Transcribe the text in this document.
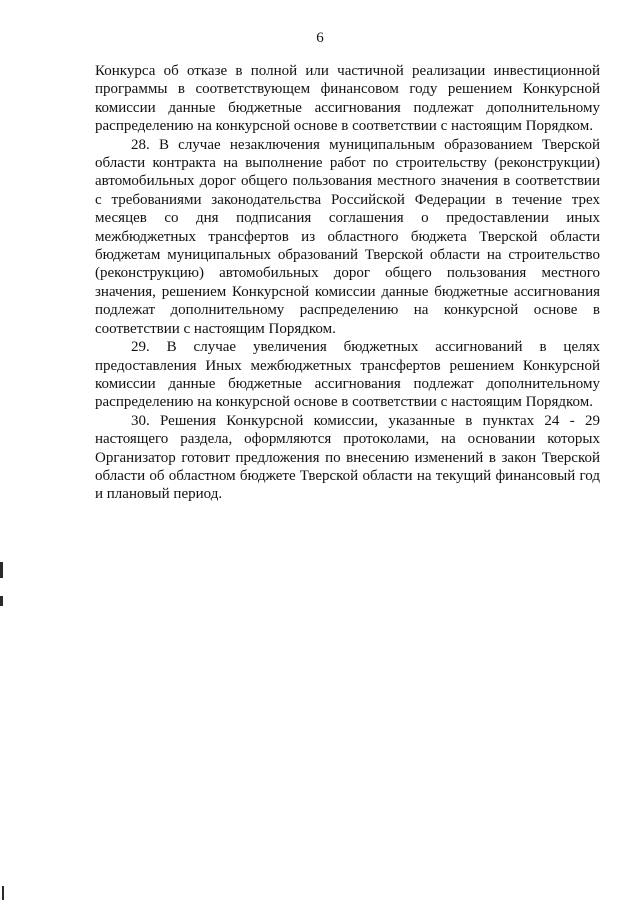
6

Конкурса об отказе в полной или частичной реализации инвестиционной программы в соответствующем финансовом году решением Конкурсной комиссии данные бюджетные ассигнования подлежат дополнительному распределению на конкурсной основе в соответствии с настоящим Порядком.

28. В случае незаключения муниципальным образованием Тверской области контракта на выполнение работ по строительству (реконструкции) автомобильных дорог общего пользования местного значения в соответствии с требованиями законодательства Российской Федерации в течение трех месяцев со дня подписания соглашения о предоставлении иных межбюджетных трансфертов из областного бюджета Тверской области бюджетам муниципальных образований Тверской области на строительство (реконструкцию) автомобильных дорог общего пользования местного значения, решением Конкурсной комиссии данные бюджетные ассигнования подлежат дополнительному распределению на конкурсной основе в соответствии с настоящим Порядком.

29. В случае увеличения бюджетных ассигнований в целях предоставления Иных межбюджетных трансфертов решением Конкурсной комиссии данные бюджетные ассигнования подлежат дополнительному распределению на конкурсной основе в соответствии с настоящим Порядком.

30. Решения Конкурсной комиссии, указанные в пунктах 24 - 29 настоящего раздела, оформляются протоколами, на основании которых Организатор готовит предложения по внесению изменений в закон Тверской области об областном бюджете Тверской области на текущий финансовый год и плановый период.
